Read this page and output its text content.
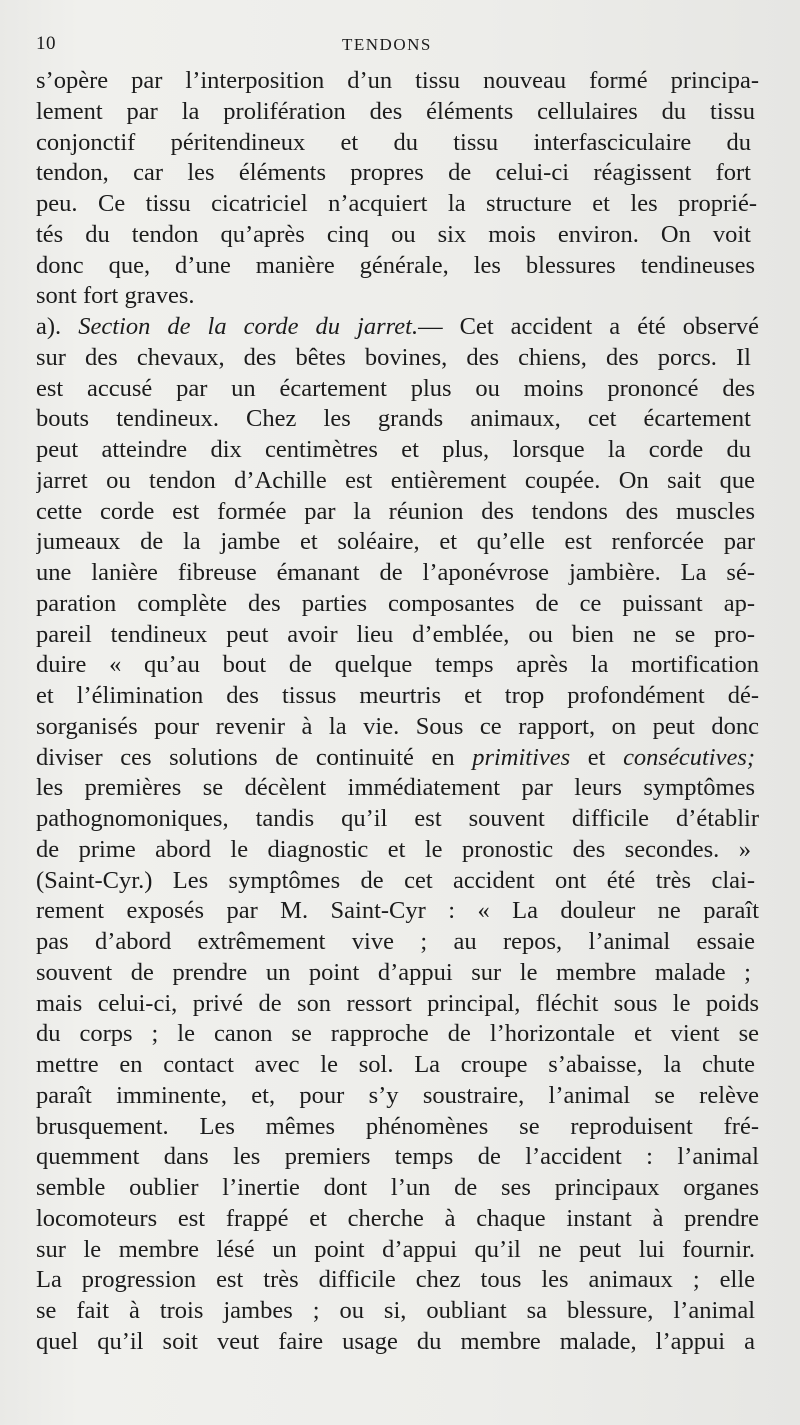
10	TENDONS
s’opère par l’interposition d’un tissu nouveau formé principa-
lement par la prolifération des éléments cellulaires du tissu
conjonctif péritendineux et du tissu interfasciculaire du
tendon, car les éléments propres de celui-ci réagissent fort
peu. Ce tissu cicatriciel n’acquiert la structure et les proprié-
tés du tendon qu’après cinq ou six mois environ. On voit
donc que, d’une manière générale, les blessures tendineuses
sont fort graves.
a). Section de la corde du jarret.— Cet accident a été observé
sur des chevaux, des bêtes bovines, des chiens, des porcs. Il
est accusé par un écartement plus ou moins prononcé des
bouts tendineux. Chez les grands animaux, cet écartement
peut atteindre dix centimètres et plus, lorsque la corde du
jarret ou tendon d’Achille est entièrement coupée. On sait que
cette corde est formée par la réunion des tendons des muscles
jumeaux de la jambe et soléaire, et qu’elle est renforcée par
une lanière fibreuse émanant de l’aponévrose jambière. La sé-
paration complète des parties composantes de ce puissant ap-
pareil tendineux peut avoir lieu d’emblée, ou bien ne se pro-
duire « qu’au bout de quelque temps après la mortification
et l’élimination des tissus meurtris et trop profondément dé-
sorganisés pour revenir à la vie. Sous ce rapport, on peut donc
diviser ces solutions de continuité en primitives et consécutives;
les premières se décèlent immédiatement par leurs symptômes
pathognomoniques, tandis qu’il est souvent difficile d’établir
de prime abord le diagnostic et le pronostic des secondes. »
(Saint-Cyr.) Les symptômes de cet accident ont été très clai-
rement exposés par M. Saint-Cyr : « La douleur ne paraît
pas d’abord extrêmement vive ; au repos, l’animal essaie
souvent de prendre un point d’appui sur le membre malade ;
mais celui-ci, privé de son ressort principal, fléchit sous le poids
du corps ; le canon se rapproche de l’horizontale et vient se
mettre en contact avec le sol. La croupe s’abaisse, la chute
paraît imminente, et, pour s’y soustraire, l’animal se relève
brusquement. Les mêmes phénomènes se reproduisent fré-
quemment dans les premiers temps de l’accident : l’animal
semble oublier l’inertie dont l’un de ses principaux organes
locomoteurs est frappé et cherche à chaque instant à prendre
sur le membre lésé un point d’appui qu’il ne peut lui fournir.
La progression est très difficile chez tous les animaux ; elle
se fait à trois jambes ; ou si, oubliant sa blessure, l’animal
quel qu’il soit veut faire usage du membre malade, l’appui a
